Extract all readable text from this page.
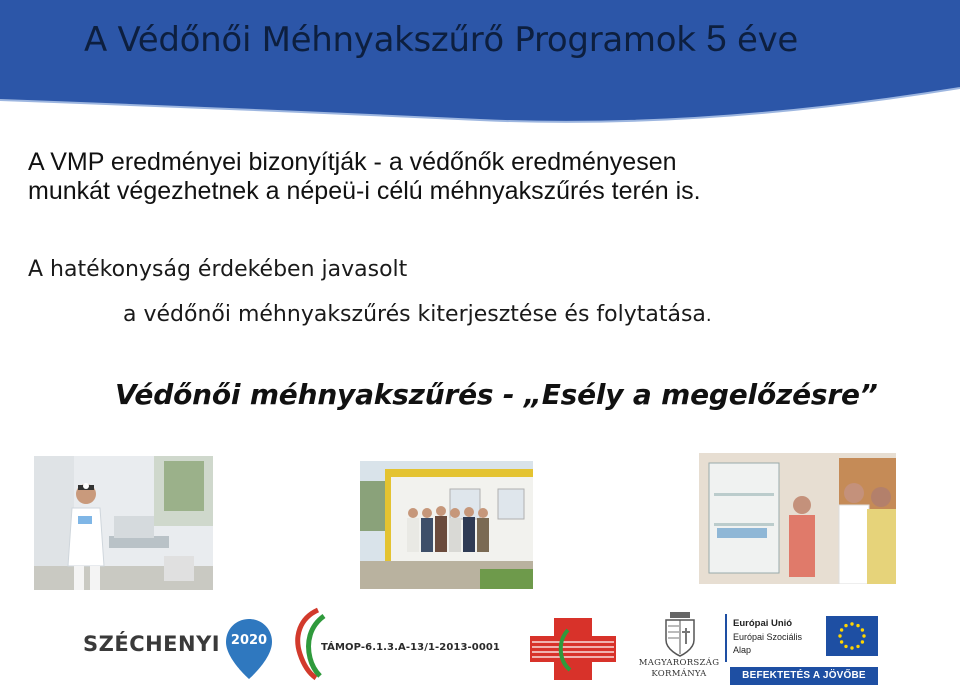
A Védőnői Méhnyakszűrő Programok 5 éve
A VMP eredményei bizonyítják - a védőnők eredményesen
munkát végezhetnek a népeü-i célú méhnyakszűrés terén is.
A hatékonyság érdekében javasolt
a védőnői méhnyakszűrés kiterjesztése és folytatása.
Védőnői méhnyakszűrés - „Esély a megelőzésre”
SZÉCHENYI 2020	TÁMOP-6.1.3.A-13/1-2013-0001
MAGYARORSZÁG
KORMÁNYA
Európai Unió
Európai Szociális
Alap
BEFEKTETÉS A JÖVŐBE
